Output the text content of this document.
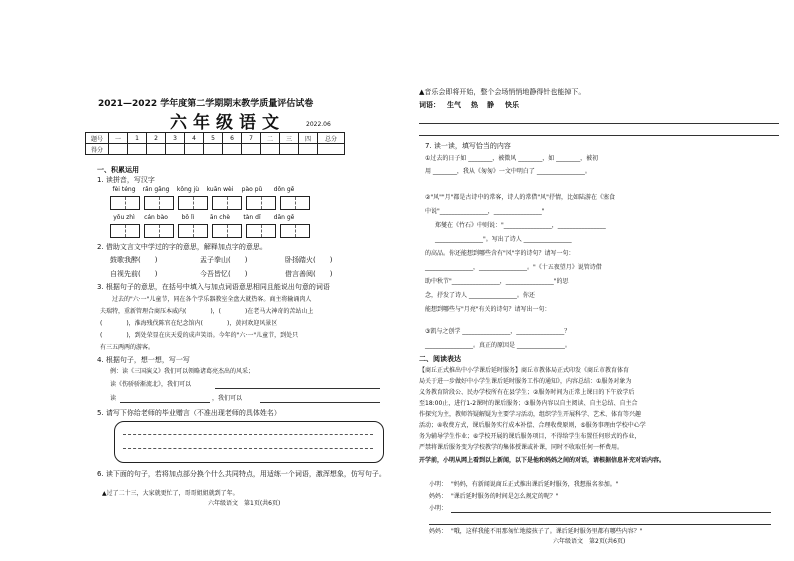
2021—2022 学年度第二学期期末教学质量评估试卷
六年级语文	2022.06
题号	一	1	2	3	4	5	6	7	二	三	四	总分
得分												
一、积累运用
1. 读拼音，写汉字
fèi téng	rǎn gāng	kǒng jù	kuān wèi	pào pǔ	dōn gē
yōu zhì	cán bào	bō lì	ān chè	tàn dǐ	dān gē
2. 借助文言文中学过的字的意思，解释加点字的意思。
鼓歌我醉(　　)	盂子拳山(　　)	卧扬踏火(　　)
自视先前(　　)	今吾皆忆(　　)	借言善阅(　　)
3. 根据句子的意思，在括号中填入与加点词语意思相同且能说出句意的词语
过去的"六·一"儿童节，同在各个学乐器教室全盘大就热客。商主将输诵肉人
夫瑞特，重新管理合商压本威内(　　　　)，(　　　　)在老马大神奇的苦站山上
(　　　　)，淮海残伐陈官在纪念馆内(　　　　)，黄河欢迎风景区
(　　　　)，到处荣显在庆天爱的成声笑语。今年的"六·一"儿童节，到处只
有三五两两的游客。
4. 根据句子，想一想，写一写
例：读《三国演义》我们可以领略诸葛亮杰出的风采；
读《伤骄骄渐流北》，我们可以
读	，我们可以
5. 请写下你给老师的毕业赠言（不准出现老师的具体姓名）
6. 读下面的句子，若将加点部分换个什么共同特点，用适练一个词语，激浑想象，仿写句子。
▲过了二十三，大家就更忙了，哥哥姐姐就到了年。
六年级语文　第1页(共6页)
▲音乐会即将开始，整个会场悄悄地静得针也能掉下。
词语： 生气 热 静 快乐
7. 读一读，填写恰当的内容
①过去的日子如 ________，被微风 ________，如 ________，被初
用 ________，我从《匆匆》一文中明白了 ________________。
②"风""月"都是古诗中的常客，诗人的常借"风"抒情，比如陆游在《塞食
中说"________________，________________"
郑燮在《竹石》中则说："________________，________________
________________"。写出了诗人 ________________
的高品。你还能想到哪些含有"风"字的诗句？请写一句：
________________，________________。"《十五夜望月》说管诗借
助中秋节"________________，________________"的思
念，抒发了诗人 ________________。你还
能想到哪些与"月亮"有关的诗句？请写出一句：
③凯与之创学 ________________，________________？
________________。真正的原因是 ________________。
二、阅读表达
【商丘正式推出中小学课后延时服务】商丘市教体局正式印发《商丘市教育体育
局关于进一步做好中小学生课后延时服务工作的通知》，内容总结：①服务对象为
义务教育阶段公、民办学校所有在县学生；②服务时间为正常上课日的下午放学后
至18:00止，进行1-2课时的课后服务；③服务内容以自主阅读、自主总结、自主合
作探究为主，教师答疑解疑为主要学习活动，组织学生开展科学、艺术、体育等兴趣
活动；④收费方式，课后服务实行成本补偿、合理收费原则，⑤服务事理由学校中心学
务为辅导学生作业；⑥学校开展的课后服务项目，不得给学生布置任何形式的作业，
严禁将课后服务变为学校教学的集体授课或补课，同时不收取任何一杯费用。
开学前，小明从网上看到以上新闻，以下是他和妈妈之间的对话，请根据信息补充对话内容。
小明： "妈妈，有新闻说商丘正式推出课后延时服务，我想报名参加。"
妈妈： "课后延时服务的时间是怎么规定的呢？"
小明：
妈妈： "哦，这样我能不用那匆忙地接孩子了。课后延时服务里都有哪些内容？"
六年级语文　第2页(共6页)
